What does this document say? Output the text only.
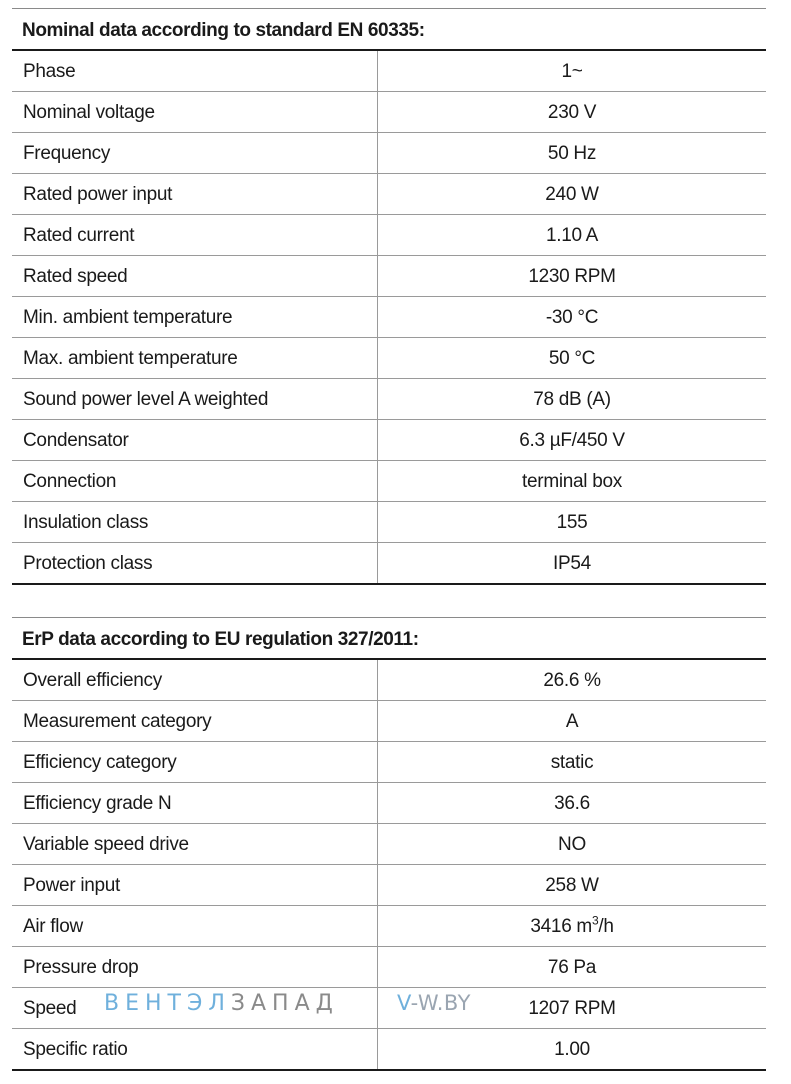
Nominal data according to standard EN 60335:
Phase	1~
Nominal voltage	230 V
Frequency	50 Hz
Rated power input	240 W
Rated current	1.10 A
Rated speed	1230 RPM
Min. ambient temperature	-30 °C
Max. ambient temperature	50 °C
Sound power level A weighted	78 dB (A)
Condensator	6.3 µF/450 V
Connection	terminal box
Insulation class	155
Protection class	IP54
ErP data according to EU regulation 327/2011:
Overall efficiency	26.6 %
Measurement category	A
Efficiency category	static
Efficiency grade N	36.6
Variable speed drive	NO
Power input	258 W
Air flow	3416 $m^3/h$
Pressure drop	76 Pa
Speed	1207 RPM
Specific ratio	1.00
ВЕНТЭЛЗАПАД	V-W.BY
